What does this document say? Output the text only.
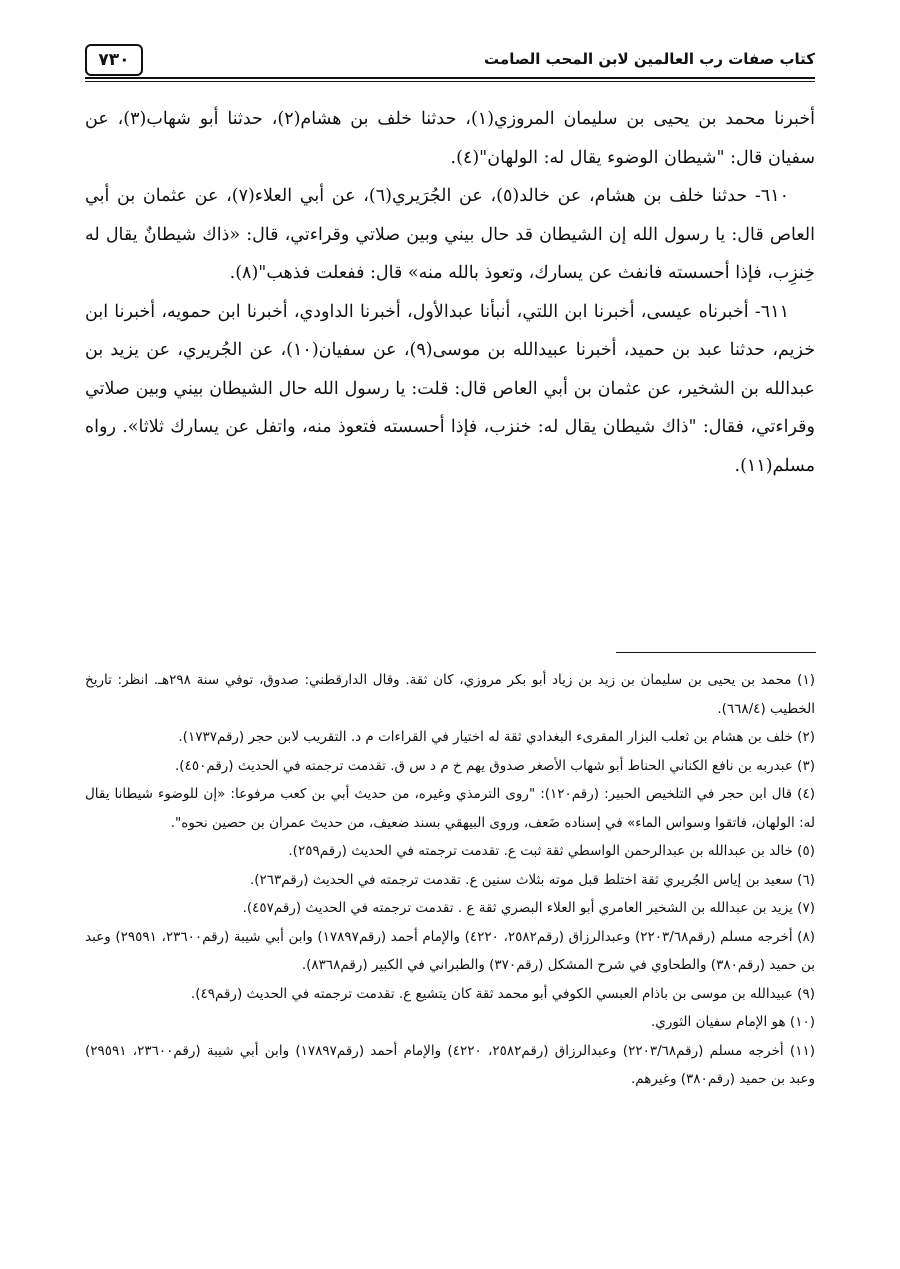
كتاب صفات رب العالمين لابن المحب الصامت
٧٣٠

أخبرنا محمد بن يحيى بن سليمان المروزي(١)، حدثنا خلف بن هشام(٢)، حدثنا أبو شهاب(٣)، عن سفيان قال: "شيطان الوضوء يقال له: الولهان"(٤).

٦١٠- حدثنا خلف بن هشام، عن خالد(٥)، عن الجُرَيري(٦)، عن أبي العلاء(٧)، عن عثمان بن أبي العاص قال: يا رسول الله إن الشيطان قد حال بيني وبين صلاتي وقراءتي، قال: «ذاك شيطانٌ يقال له خِنزِب، فإذا أحسسته فانفث عن يسارك، وتعوذ بالله منه» قال: ففعلت فذهب"(٨).

٦١١- أخبرناه عيسى، أخبرنا ابن اللتي، أنبأنا عبدالأول، أخبرنا الداودي، أخبرنا ابن حمويه، أخبرنا ابن خزيم، حدثنا عبد بن حميد، أخبرنا عبيدالله بن موسى(٩)، عن سفيان(١٠)، عن الجُريري، عن يزيد بن عبدالله بن الشخير، عن عثمان بن أبي العاص قال: قلت: يا رسول الله حال الشيطان بيني وبين صلاتي وقراءتي، فقال: "ذاك شيطان يقال له: خنزب، فإذا أحسسته فتعوذ منه، واتفل عن يسارك ثلاثا». رواه مسلم(١١).

(١) محمد بن يحيى بن سليمان بن زيد بن زياد أبو بكر مروزي، كان ثقة. وقال الدارقطني: صدوق، توفي سنة ٢٩٨هـ. انظر: تاريخ الخطيب (٦٦٨/٤).

(٢) خلف بن هشام بن ثعلب البزار المقرىء البغدادي ثقة له اختيار في القراءات م د. التقريب لابن حجر (رقم١٧٣٧).

(٣) عبدربه بن نافع الكناني الحناط أبو شهاب الأصغر صدوق يهم خ م د س ق. تقدمت ترجمته في الحديث (رقم٤٥٠).

(٤) قال ابن حجر في التلخيص الحبير: (رقم١٢٠): "روى الترمذي وغيره، من حديث أبي بن كعب مرفوعا: «إن للوضوء شيطانا يقال له: الولهان، فاتقوا وسواس الماء» في إسناده ضَعف، وروى البيهقي بسند ضعيف، من حديث عمران بن حصين نحوه".

(٥) خالد بن عبدالله بن عبدالرحمن الواسطي ثقة ثبت ع. تقدمت ترجمته في الحديث (رقم٢٥٩).

(٦) سعيد بن إياس الجُريري ثقة اختلط قبل موته بثلاث سنين ع. تقدمت ترجمته في الحديث (رقم٢٦٣).

(٧) يزيد بن عبدالله بن الشخير العامري أبو العلاء البصري ثقة ع . تقدمت ترجمته في الحديث (رقم٤٥٧).

(٨) أخرجه مسلم (رقم٢٢٠٣/٦٨) وعبدالرزاق (رقم٢٥٨٢، ٤٢٢٠) والإمام أحمد (رقم١٧٨٩٧) وابن أبي شيبة (رقم٢٣٦٠٠، ٢٩٥٩١) وعبد بن حميد (رقم٣٨٠) والطحاوي في شرح المشكل (رقم٣٧٠) والطبراني في الكبير (رقم٨٣٦٨).

(٩) عبيدالله بن موسى بن باذام العبسي الكوفي أبو محمد ثقة كان يتشيع ع. تقدمت ترجمته في الحديث (رقم٤٩).

(١٠) هو الإمام سفيان الثوري.

(١١) أخرجه مسلم (رقم٢٢٠٣/٦٨) وعبدالرزاق (رقم٢٥٨٢، ٤٢٢٠) والإمام أحمد (رقم١٧٨٩٧) وابن أبي شيبة (رقم٢٣٦٠٠، ٢٩٥٩١) وعبد بن حميد (رقم٣٨٠) وغيرهم.
